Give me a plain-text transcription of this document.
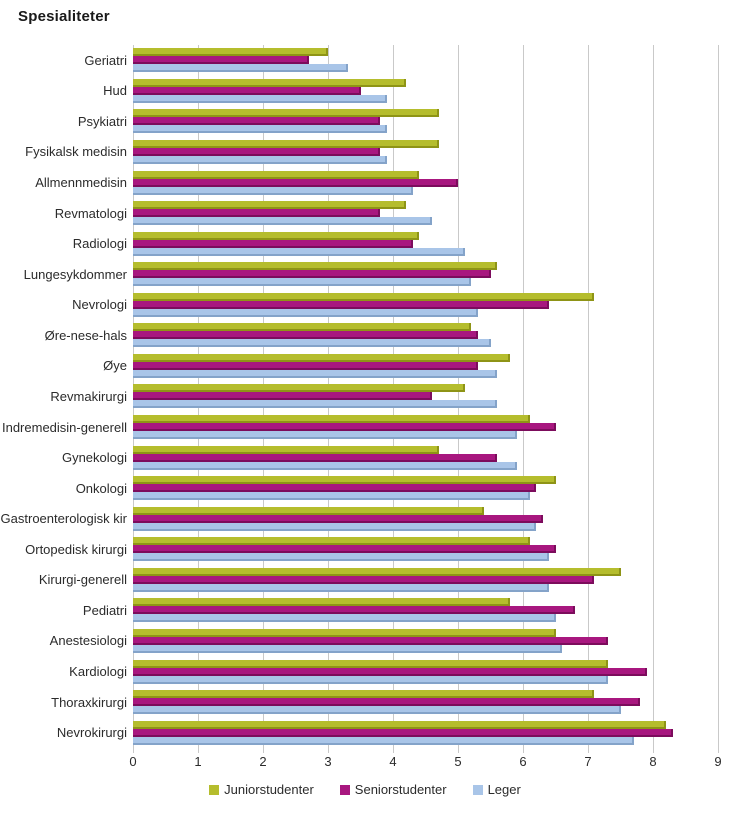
Spesialiteter
Geriatri
Hud
Psykiatri
Fysikalsk medisin
Allmennmedisin
Revmatologi
Radiologi
Lungesykdommer
Nevrologi
Øre-nese-hals
Øye
Revmakirurgi
Indremedisin-generell
Gynekologi
Onkologi
Gastroenterologisk kir
Ortopedisk kirurgi
Kirurgi-generell
Pediatri
Anestesiologi
Kardiologi
Thoraxkirurgi
Nevrokirurgi
0	1	2	3	4	5	6	7	8	9
Juniorstudenter	Seniorstudenter	Leger
